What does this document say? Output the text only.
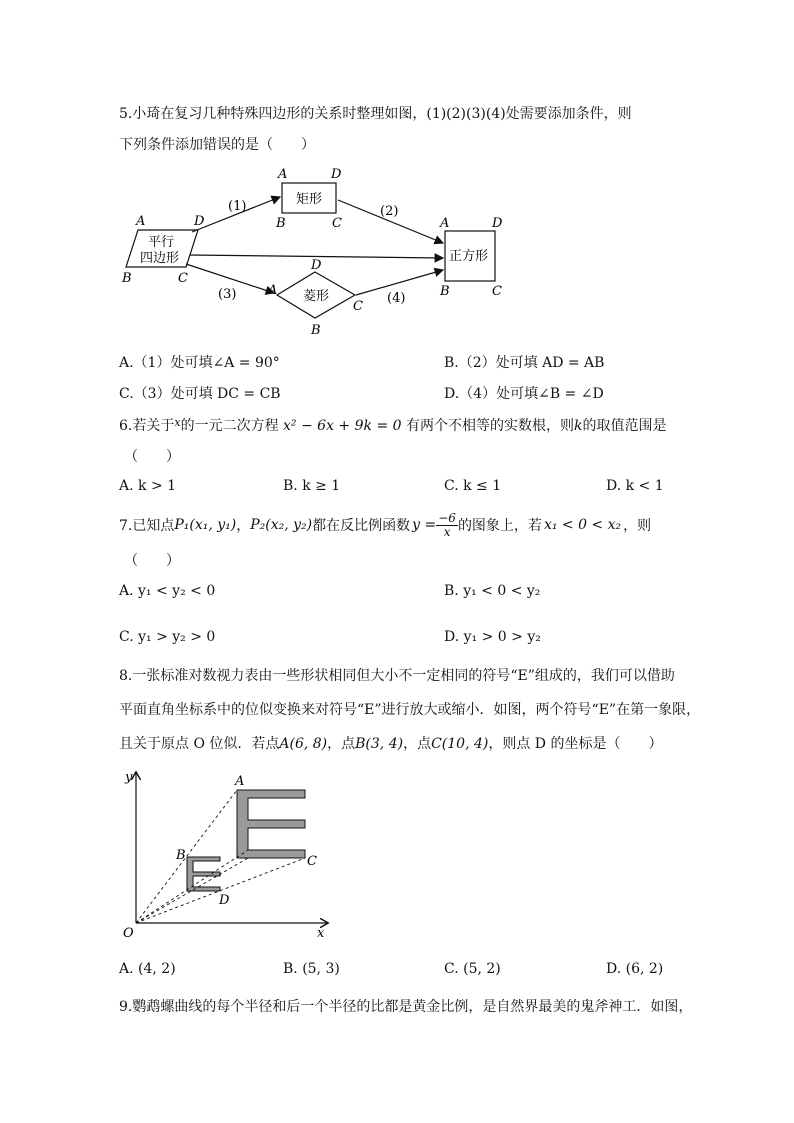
5.小琦在复习几种特殊四边形的关系时整理如图，(1)(2)(3)(4)处需要添加条件，则
下列条件添加错误的是（　　）
平行
四边形
A	D
B	C
矩形
A	D
B	C
菱形
D
A
C
B
正方形
A	D
B	C
(1)	(2)
(3)	(4)
A.（1）处可填∠A = 90°	B.（2）处可填 AD = AB
C.（3）处可填 DC = CB	D.（4）处可填∠B = ∠D
6.若关于$^x$的一元二次方程 x² − 6x + 9k = 0 有两个不相等的实数根，则k的取值范围是
（　　）
A. k > 1	B. k ≥ 1	C. k ≤ 1	D. k < 1
7.已知点 P₁(x₁, y₁) ， P₂(x₂, y₂) 都在反比例函数 $y = \frac{-6}{x}$ 的图象上，若 x₁ < 0 < x₂ ，则
（　　）
A. y₁ < y₂ < 0	B. y₁ < 0 < y₂
C. y₁ > y₂ > 0	D. y₁ > 0 > y₂
8.一张标准对数视力表由一些形状相同但大小不一定相同的符号“E”组成的，我们可以借助
平面直角坐标系中的位似变换来对符号“E”进行放大或缩小．如图，两个符号“E”在第一象限，
且关于原点 O 位似．若点A(6, 8)，点B(3, 4)，点C(10, 4)，则点 D 的坐标是（　　）
x
y
O
A
B	C
D
A. (4, 2)	B. (5, 3)	C. (5, 2)	D. (6, 2)
9.鹦鹉螺曲线的每个半径和后一个半径的比都是黄金比例，是自然界最美的鬼斧神工．如图，
